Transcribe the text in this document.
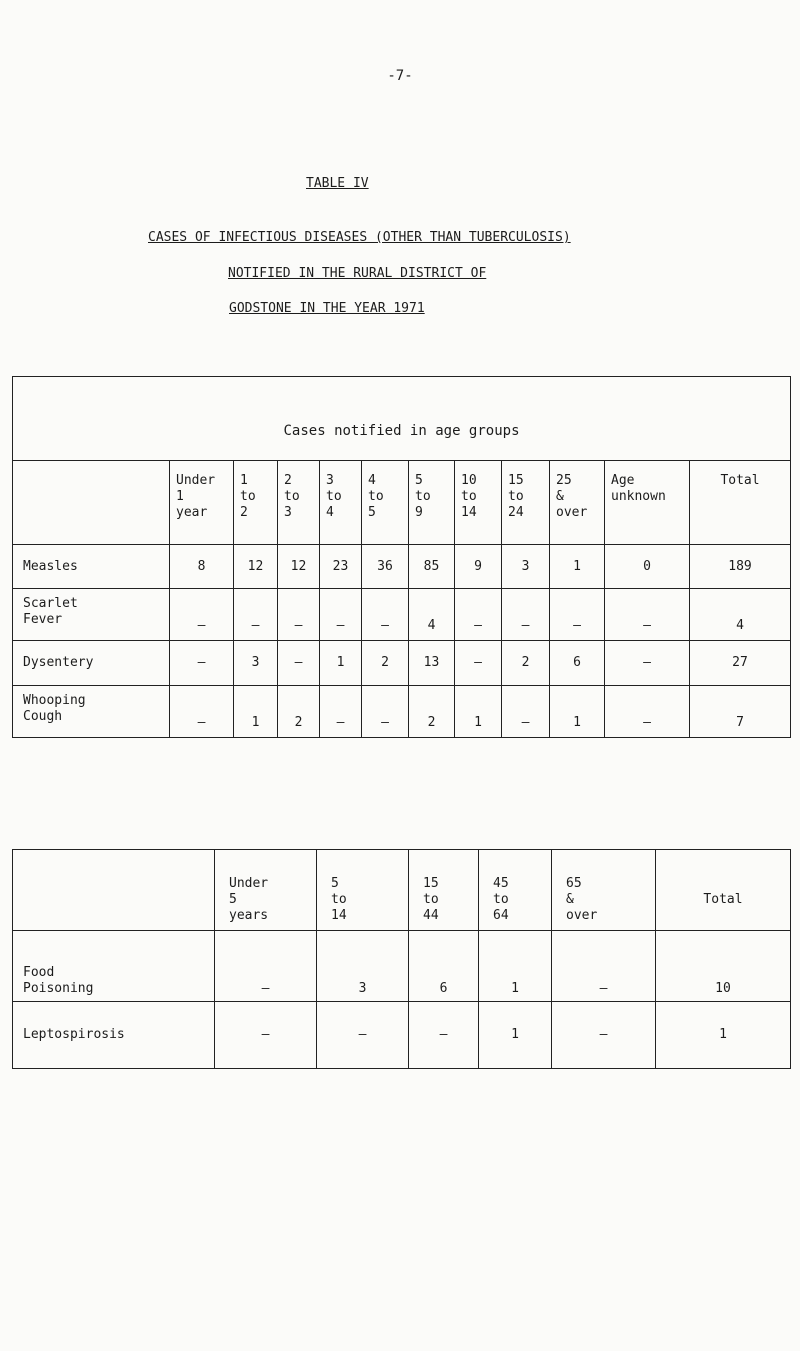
-7-
TABLE IV
CASES OF INFECTIOUS DISEASES (OTHER THAN TUBERCULOSIS)
NOTIFIED IN THE RURAL DISTRICT OF
GODSTONE IN THE YEAR 1971
Cases notified in age groups											

	Under
1
year	1
to
2	2
to
3	3
to
4	4
to
5	5
to
9	10
to
14	15
to
24	25
&
over	Age
unknown	Total

Measles	8	12	12	23	36	85	9	3	1	0	189
Scarlet
Fever	–	–	–	–	–	4	–	–	–	–	4
Dysentery	–	3	–	1	2	13	–	2	6	–	27
Whooping
Cough	–	1	2	–	–	2	1	–	1	–	7

	Under
5
years	5
to
14	15
to
44	45
to
64	65
&
over	Total

Food
Poisoning	–	3	6	1	–	10
Leptospirosis	–	–	–	1	–	1
